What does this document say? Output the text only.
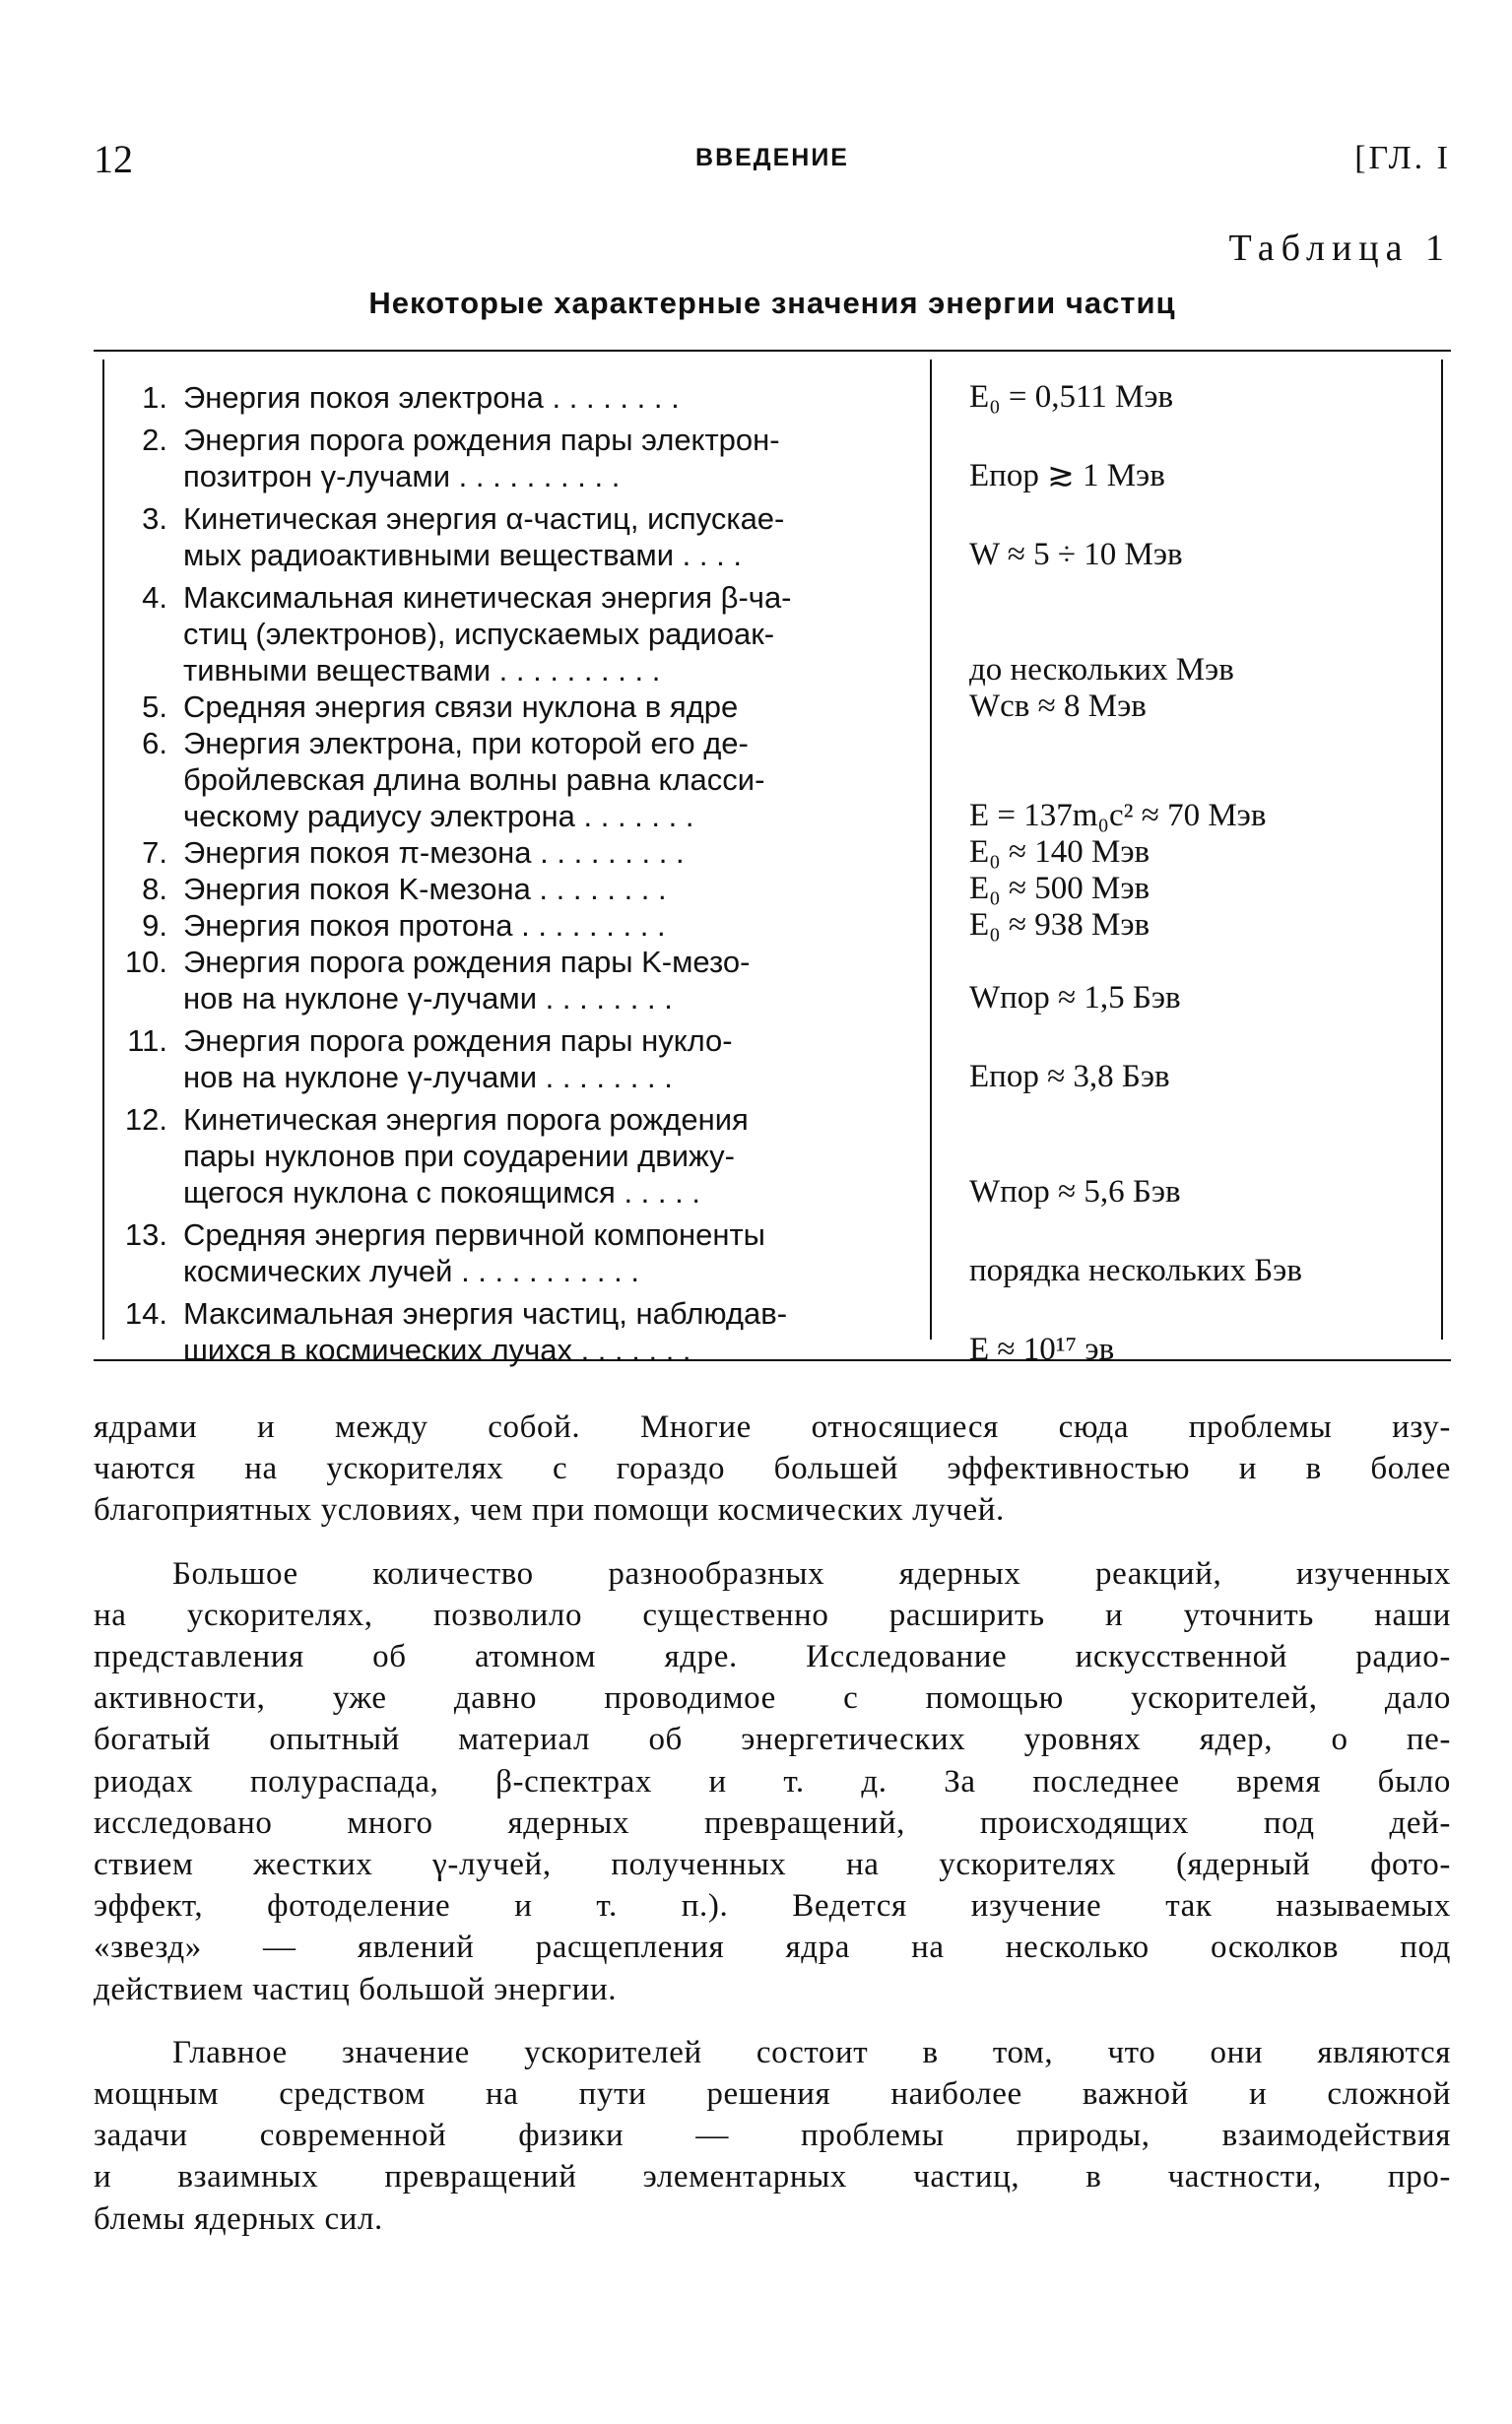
12	ВВЕДЕНИЕ	[ГЛ. I
Таблица 1
Некоторые характерные значения энергии частиц
1. Энергия покоя электрона . . . . . . . .	E₀ = 0,511 Мэв
2. Энергия порога рождения пары электрон-
позитрон γ-лучами . . . . . . . . . .	Eпор ≳ 1 Мэв
3. Кинетическая энергия α-частиц, испускае-
мых радиоактивными веществами . . . .	W ≈ 5 ÷ 10 Мэв
4. Максимальная кинетическая энергия β-ча-
стиц (электронов), испускаемых радиоак-
тивными веществами . . . . . . . . . .	до нескольких Мэв
5. Средняя энергия связи нуклона в ядре	Wсв ≈ 8 Мэв
6. Энергия электрона, при которой его де-
бройлевская длина волны равна класси-
ческому радиусу электрона . . . . . . .	E = 137m₀c² ≈ 70 Мэв
7. Энергия покоя π-мезона . . . . . . . . .	E₀ ≈ 140 Мэв
8. Энергия покоя K-мезона . . . . . . . .	E₀ ≈ 500 Мэв
9. Энергия покоя протона . . . . . . . . .	E₀ ≈ 938 Мэв
10. Энергия порога рождения пары K-мезо-
нов на нуклоне γ-лучами . . . . . . . .	Wпор ≈ 1,5 Бэв
11. Энергия порога рождения пары нукло-
нов на нуклоне γ-лучами . . . . . . . .	Eпор ≈ 3,8 Бэв
12. Кинетическая энергия порога рождения
пары нуклонов при соударении движу-
щегося нуклона с покоящимся . . . . .	Wпор ≈ 5,6 Бэв
13. Средняя энергия первичной компоненты
космических лучей . . . . . . . . . . .	порядка нескольких Бэв
14. Максимальная энергия частиц, наблюдав-
шихся в космических лучах . . . . . . .	E ≈ 10¹⁷ эв
ядрами и между собой. Многие относящиеся сюда проблемы изу-
чаются на ускорителях с гораздо большей эффективностью и в более
благоприятных условиях, чем при помощи космических лучей.
Большое количество разнообразных ядерных реакций, изученных
на ускорителях, позволило существенно расширить и уточнить наши
представления об атомном ядре. Исследование искусственной радио-
активности, уже давно проводимое с помощью ускорителей, дало
богатый опытный материал об энергетических уровнях ядер, о пе-
риодах полураспада, β-спектрах и т. д. За последнее время было
исследовано много ядерных превращений, происходящих под дей-
ствием жестких γ-лучей, полученных на ускорителях (ядерный фото-
эффект, фотоделение и т. п.). Ведется изучение так называемых
«звезд» — явлений расщепления ядра на несколько осколков под
действием частиц большой энергии.
Главное значение ускорителей состоит в том, что они являются
мощным средством на пути решения наиболее важной и сложной
задачи современной физики — проблемы природы, взаимодействия
и взаимных превращений элементарных частиц, в частности, про-
блемы ядерных сил.
